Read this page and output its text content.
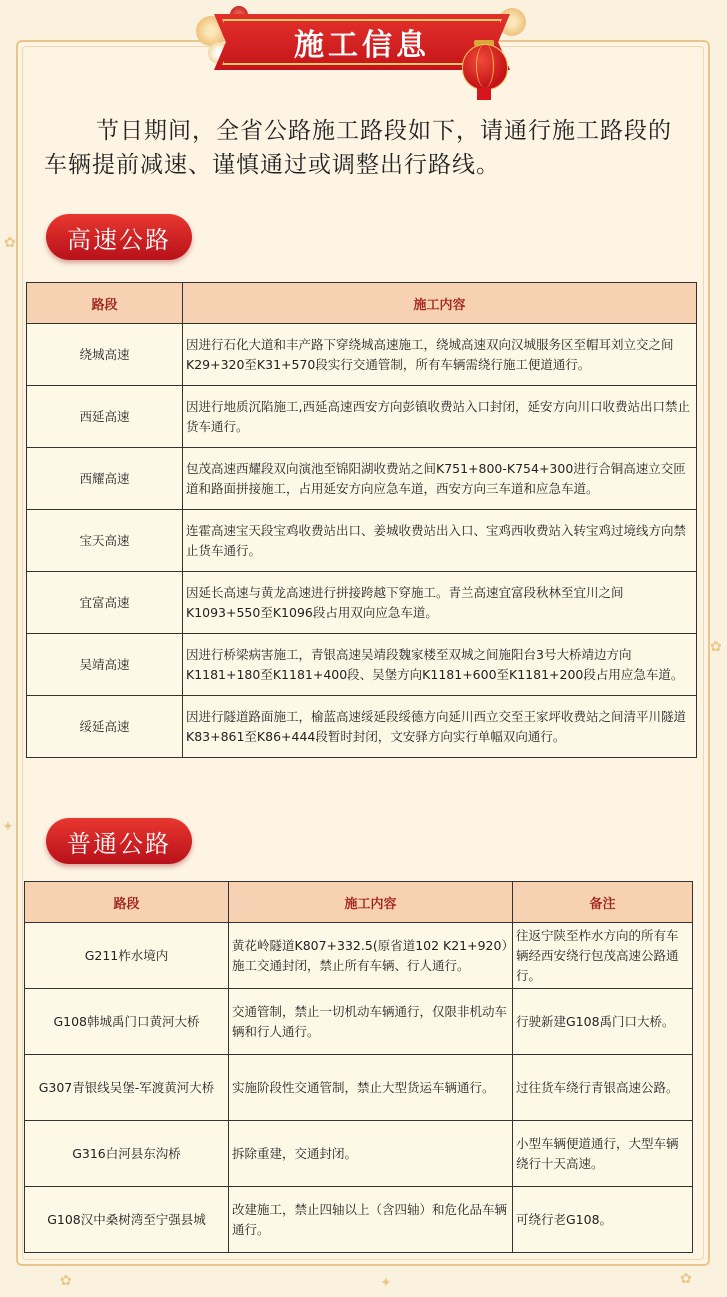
✿
✦
✿
✿	✦	✿
施工信息
节日期间，全省公路施工路段如下，请通行施工路段的车辆提前减速、谨慎通过或调整出行路线。
高速公路
路段	施工内容
绕城高速	因进行石化大道和丰产路下穿绕城高速施工，绕城高速双向汉城服务区至帽耳刘立交之间K29+320至K31+570段实行交通管制，所有车辆需绕行施工便道通行。
西延高速	因进行地质沉陷施工,西延高速西安方向彭镇收费站入口封闭，延安方向川口收费站出口禁止货车通行。
西耀高速	包茂高速西耀段双向演池至锦阳湖收费站之间K751+800-K754+300进行合铜高速立交匝道和路面拼接施工，占用延安方向应急车道，西安方向三车道和应急车道。
宝天高速	连霍高速宝天段宝鸡收费站出口、姜城收费站出入口、宝鸡西收费站入转宝鸡过境线方向禁止货车通行。
宜富高速	因延长高速与黄龙高速进行拼接跨越下穿施工。青兰高速宜富段秋林至宜川之间K1093+550至K1096段占用双向应急车道。
吴靖高速	因进行桥梁病害施工，青银高速吴靖段魏家楼至双城之间施阳台3号大桥靖边方向K1181+180至K1181+400段、吴堡方向K1181+600至K1181+200段占用应急车道。
绥延高速	因进行隧道路面施工，榆蓝高速绥延段绥德方向延川西立交至王家坪收费站之间清平川隧道K83+861至K86+444段暂时封闭，文安驿方向实行单幅双向通行。
普通公路
路段	施工内容	备注
G211柞水境内	黄花岭隧道K807+332.5(原省道102 K21+920）施工交通封闭，禁止所有车辆、行人通行。	往返宁陕至柞水方向的所有车辆经西安绕行包茂高速公路通行。
G108韩城禹门口黄河大桥	交通管制，禁止一切机动车辆通行，仅限非机动车辆和行人通行。	行驶新建G108禹门口大桥。
G307青银线吴堡-军渡黄河大桥	实施阶段性交通管制，禁止大型货运车辆通行。	过往货车绕行青银高速公路。
G316白河县东沟桥	拆除重建，交通封闭。	小型车辆便道通行，大型车辆绕行十天高速。
G108汉中桑树湾至宁强县城	改建施工，禁止四轴以上（含四轴）和危化品车辆通行。	可绕行老G108。
